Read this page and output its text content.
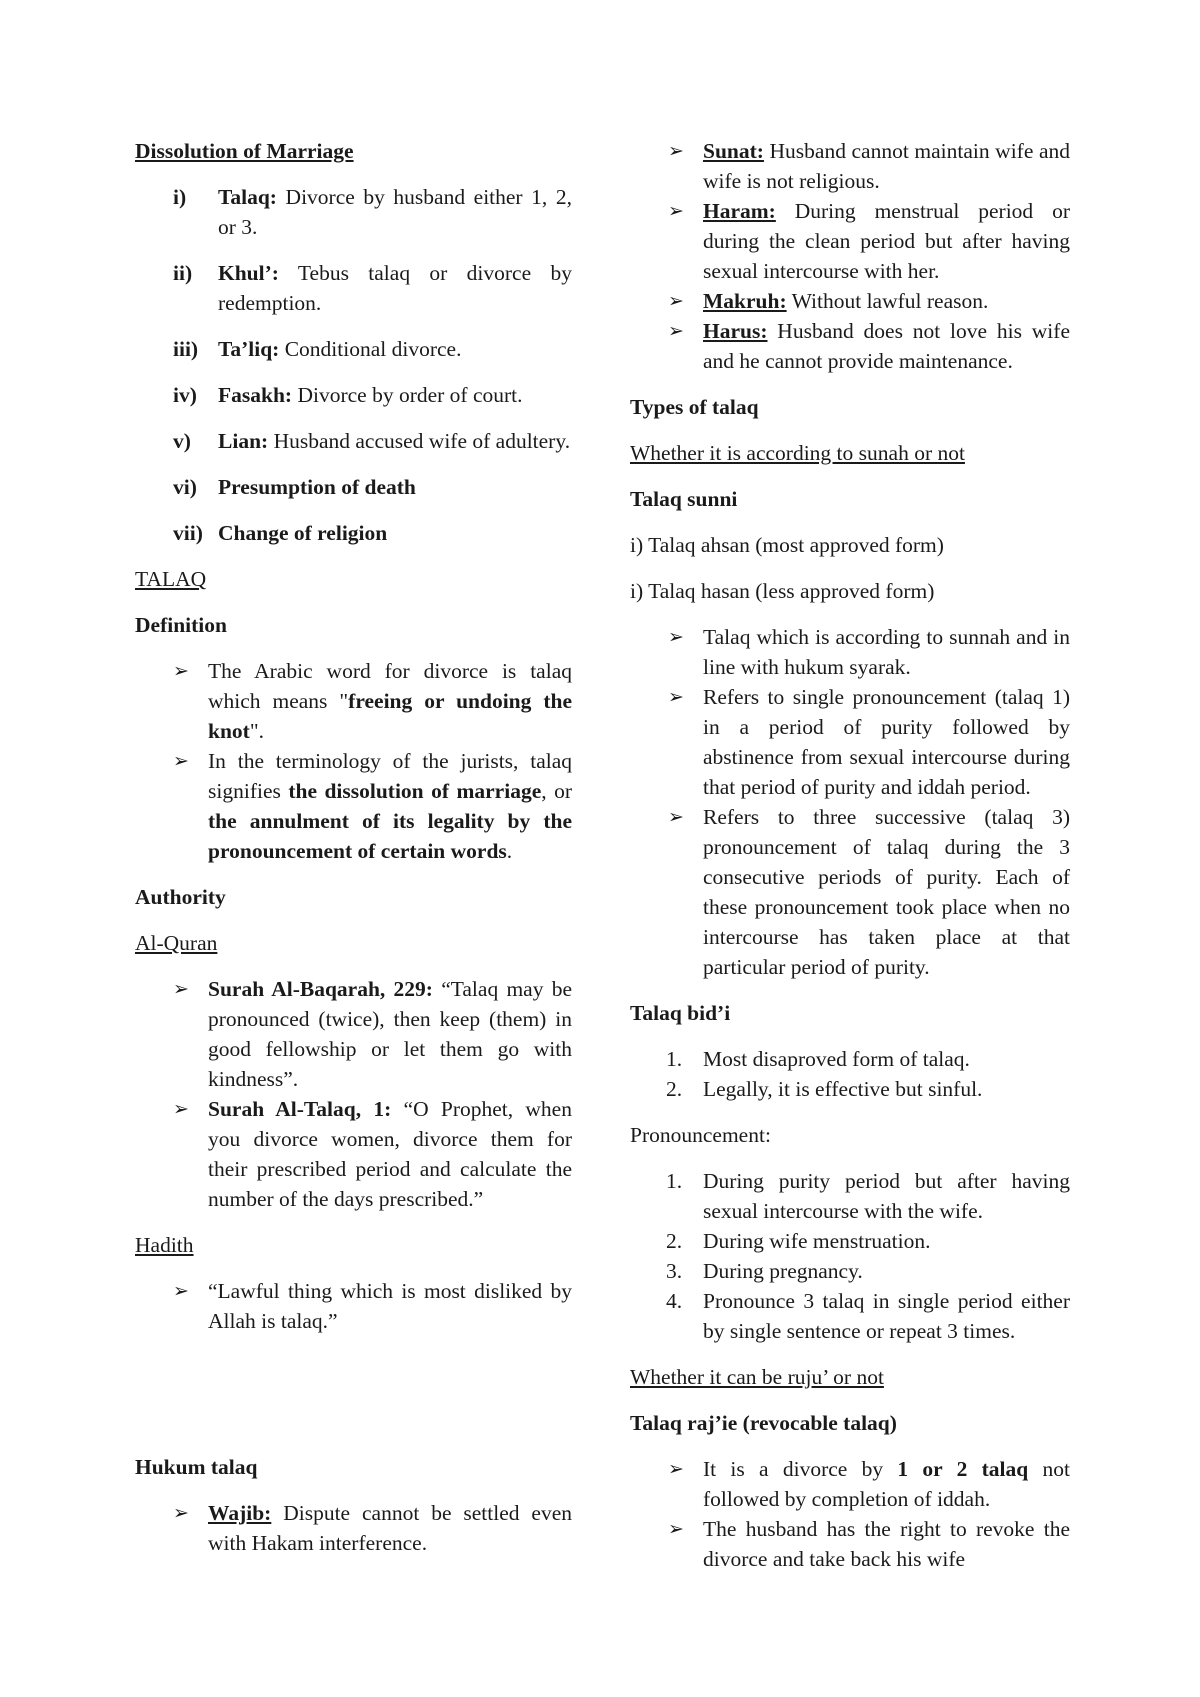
Dissolution of Marriage

i) Talaq: Divorce by husband either 1, 2, or 3.
ii) Khul’: Tebus talaq or divorce by redemption.
iii) Ta’liq: Conditional divorce.
iv) Fasakh: Divorce by order of court.
v) Lian: Husband accused wife of adultery.
vi) Presumption of death
vii) Change of religion

TALAQ

Definition

➢ The Arabic word for divorce is talaq which means "freeing or undoing the knot".
➢ In the terminology of the jurists, talaq signifies the dissolution of marriage, or the annulment of its legality by the pronouncement of certain words.

Authority

Al-Quran

➢ Surah Al-Baqarah, 229: “Talaq may be pronounced (twice), then keep (them) in good fellowship or let them go with kindness”.
➢ Surah Al-Talaq, 1: “O Prophet, when you divorce women, divorce them for their prescribed period and calculate the number of the days prescribed.”

Hadith

➢ “Lawful thing which is most disliked by Allah is talaq.”

Hukum talaq

➢ Wajib: Dispute cannot be settled even with Hakam interference.
➢ Sunat: Husband cannot maintain wife and wife is not religious.
➢ Haram: During menstrual period or during the clean period but after having sexual intercourse with her.
➢ Makruh: Without lawful reason.
➢ Harus: Husband does not love his wife and he cannot provide maintenance.

Types of talaq

Whether it is according to sunah or not

Talaq sunni

i) Talaq ahsan (most approved form)

i) Talaq hasan (less approved form)

➢ Talaq which is according to sunnah and in line with hukum syarak.
➢ Refers to single pronouncement (talaq 1) in a period of purity followed by abstinence from sexual intercourse during that period of purity and iddah period.
➢ Refers to three successive (talaq 3) pronouncement of talaq during the 3 consecutive periods of purity. Each of these pronouncement took place when no intercourse has taken place at that particular period of purity.

Talaq bid’i

1. Most disaproved form of talaq.
2. Legally, it is effective but sinful.

Pronouncement:

1. During purity period but after having sexual intercourse with the wife.
2. During wife menstruation.
3. During pregnancy.
4. Pronounce 3 talaq in single period either by single sentence or repeat 3 times.

Whether it can be ruju’ or not

Talaq raj’ie (revocable talaq)

➢ It is a divorce by 1 or 2 talaq not followed by completion of iddah.
➢ The husband has the right to revoke the divorce and take back his wife
